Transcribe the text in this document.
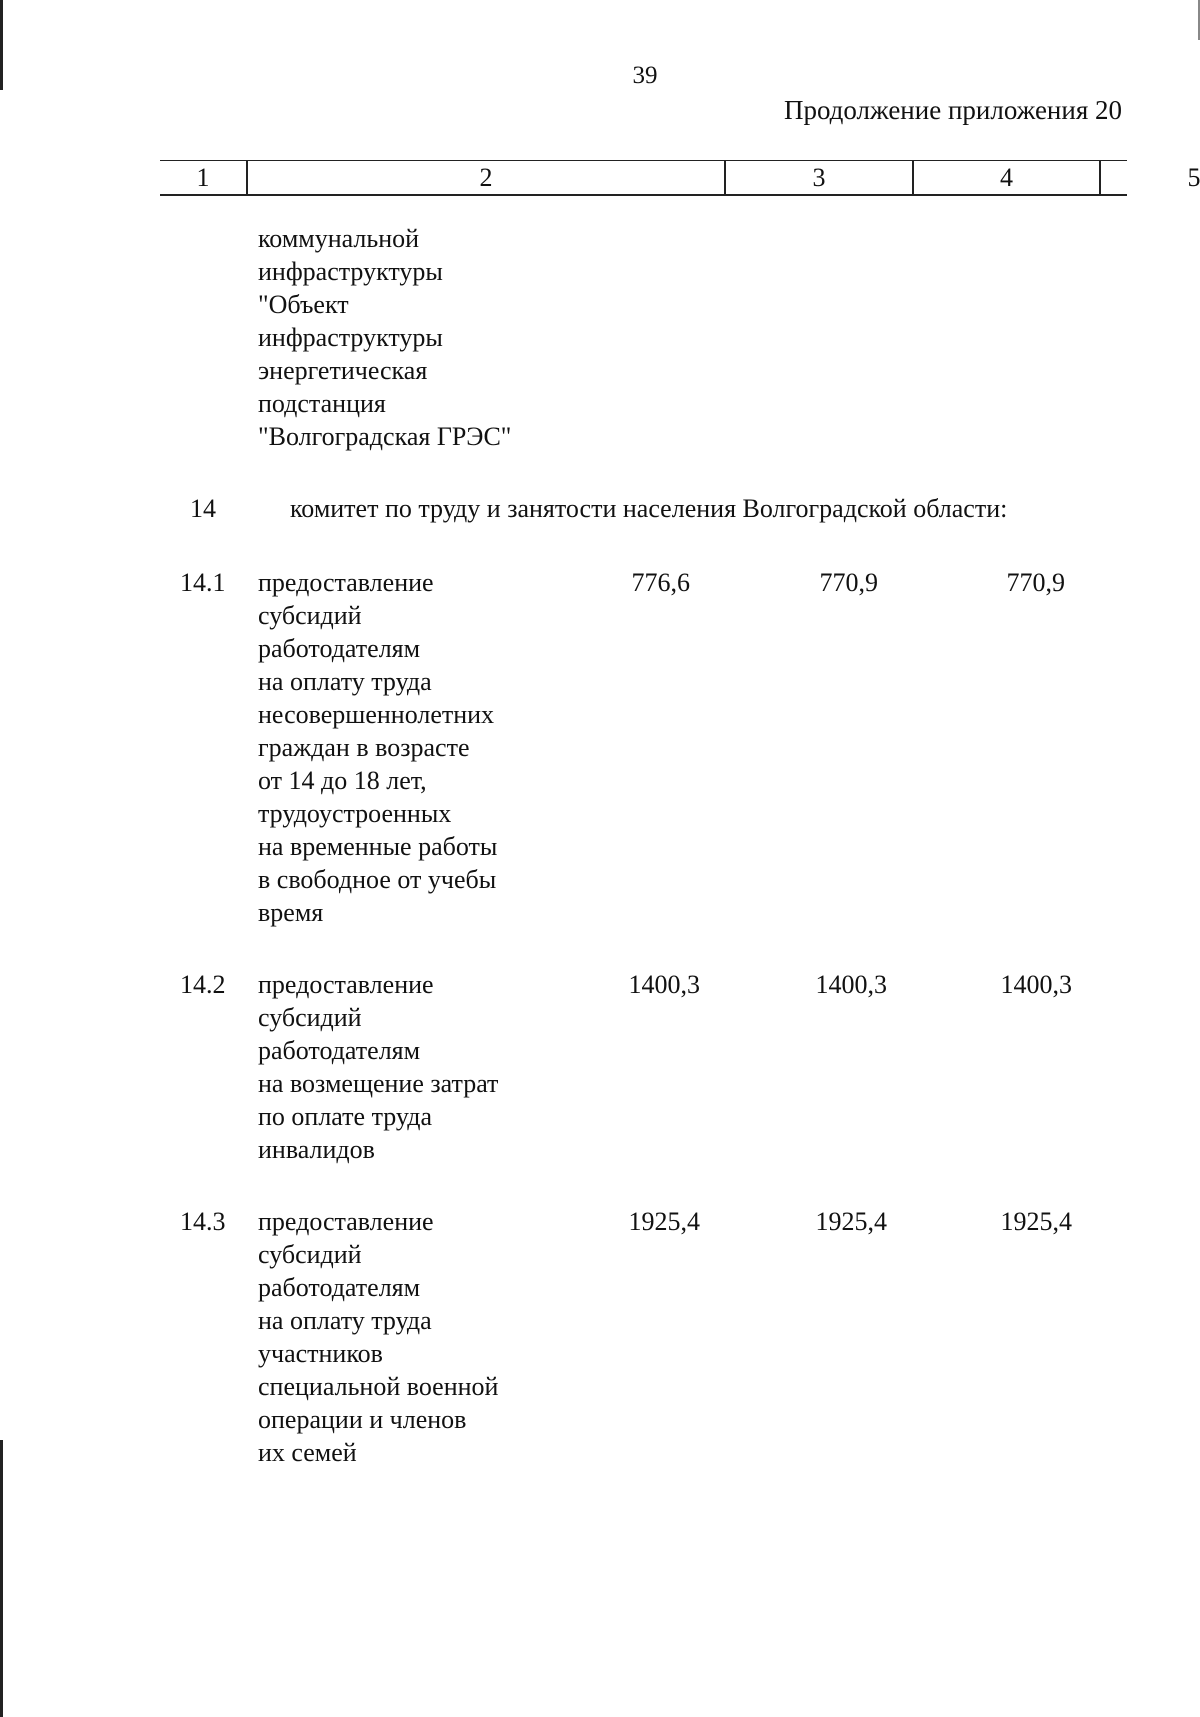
39
Продолжение приложения 20
1	2	3	4	5
коммунальной
инфраструктуры
"Объект
инфраструктуры
энергетическая
подстанция
"Волгоградская ГРЭС"
14	комитет по труду и занятости населения Волгоградской области:
14.1 предоставление
субсидий
работодателям
на оплату труда
несовершеннолетних
граждан в возрасте
от 14 до 18 лет,
трудоустроенных
на временные работы
в свободное от учебы
время
776,6	770,9	770,9
14.2 предоставление
субсидий
работодателям
на возмещение затрат
по оплате труда
инвалидов
1400,3	1400,3	1400,3
14.3 предоставление
субсидий
работодателям
на оплату труда
участников
специальной военной
операции и членов
их семей
1925,4	1925,4	1925,4
